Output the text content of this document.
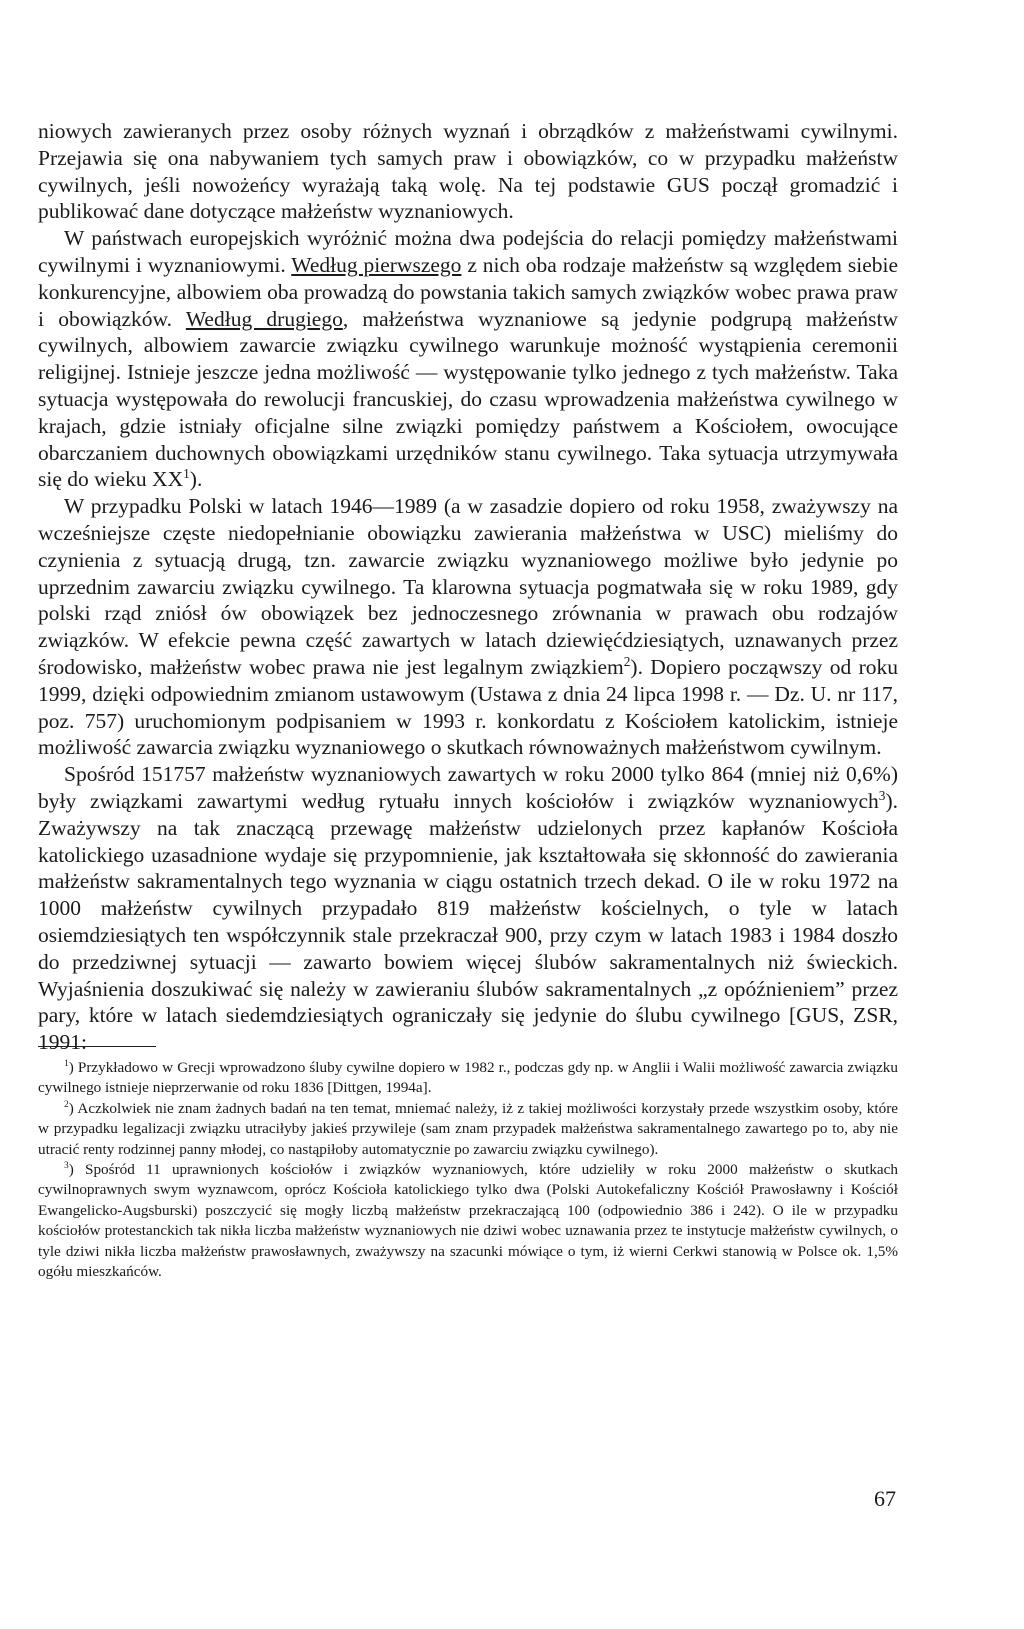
niowych zawieranych przez osoby różnych wyznań i obrządków z małżeństwami cywilnymi. Przejawia się ona nabywaniem tych samych praw i obowiązków, co w przypadku małżeństw cywilnych, jeśli nowożeńcy wyrażają taką wolę. Na tej podstawie GUS począł gromadzić i publikować dane dotyczące małżeństw wyznaniowych.

W państwach europejskich wyróżnić można dwa podejścia do relacji pomiędzy małżeństwami cywilnymi i wyznaniowymi. Według pierwszego z nich oba rodzaje małżeństw są względem siebie konkurencyjne, albowiem oba prowadzą do powstania takich samych związków wobec prawa praw i obowiązków. Według drugiego, małżeństwa wyznaniowe są jedynie podgrupą małżeństw cywilnych, albowiem zawarcie związku cywilnego warunkuje możność wystąpienia ceremonii religijnej. Istnieje jeszcze jedna możliwość — występowanie tylko jednego z tych małżeństw. Taka sytuacja występowała do rewolucji francuskiej, do czasu wprowadzenia małżeństwa cywilnego w krajach, gdzie istniały oficjalne silne związki pomiędzy państwem a Kościołem, owocujące obarczaniem duchownych obowiązkami urzędników stanu cywilnego. Taka sytuacja utrzymywała się do wieku $XX^1$).

W przypadku Polski w latach 1946—1989 (a w zasadzie dopiero od roku 1958, zważywszy na wcześniejsze częste niedopełnianie obowiązku zawierania małżeństwa w USC) mieliśmy do czynienia z sytuacją drugą, tzn. zawarcie związku wyznaniowego możliwe było jedynie po uprzednim zawarciu związku cywilnego. Ta klarowna sytuacja pogmatwała się w roku 1989, gdy polski rząd zniósł ów obowiązek bez jednoczesnego zrównania w prawach obu rodzajów związków. W efekcie pewna część zawartych w latach dziewięćdziesiątych, uznawanych przez środowisko, małżeństw wobec prawa nie jest legalnym związkiem$^2$). Dopiero począwszy od roku 1999, dzięki odpowiednim zmianom ustawowym (Ustawa z dnia 24 lipca 1998 r. — Dz. U. nr 117, poz. 757) uruchomionym podpisaniem w 1993 r. konkordatu z Kościołem katolickim, istnieje możliwość zawarcia związku wyznaniowego o skutkach równoważnych małżeństwom cywilnym.

Spośród 151757 małżeństw wyznaniowych zawartych w roku 2000 tylko 864 (mniej niż 0,6%) były związkami zawartymi według rytuału innych kościołów i związków wyznaniowych$^3$). Zważywszy na tak znaczącą przewagę małżeństw udzielonych przez kapłanów Kościoła katolickiego uzasadnione wydaje się przypomnienie, jak kształtowała się skłonność do zawierania małżeństw sakramentalnych tego wyznania w ciągu ostatnich trzech dekad. O ile w roku 1972 na 1000 małżeństw cywilnych przypadało 819 małżeństw kościelnych, o tyle w latach osiemdziesiątych ten współczynnik stale przekraczał 900, przy czym w latach 1983 i 1984 doszło do przedziwnej sytuacji — zawarto bowiem więcej ślubów sakramentalnych niż świeckich. Wyjaśnienia doszukiwać się należy w zawieraniu ślubów sakramentalnych „z opóźnieniem” przez pary, które w latach siedemdziesiątych ograniczały się jedynie do ślubu cywilnego [GUS, ZSR, 1991:

$^1$) Przykładowo w Grecji wprowadzono śluby cywilne dopiero w 1982 r., podczas gdy np. w Anglii i Walii możliwość zawarcia związku cywilnego istnieje nieprzerwanie od roku 1836 [Dittgen, 1994a].

$^2$) Aczkolwiek nie znam żadnych badań na ten temat, mniemać należy, iż z takiej możliwości korzystały przede wszystkim osoby, które w przypadku legalizacji związku utraciłyby jakieś przywileje (sam znam przypadek małżeństwa sakramentalnego zawartego po to, aby nie utracić renty rodzinnej panny młodej, co nastąpiłoby automatycznie po zawarciu związku cywilnego).

$^3$) Spośród 11 uprawnionych kościołów i związków wyznaniowych, które udzieliły w roku 2000 małżeństw o skutkach cywilnoprawnych swym wyznawcom, oprócz Kościoła katolickiego tylko dwa (Polski Autokefaliczny Kościół Prawosławny i Kościół Ewangelicko-Augsburski) poszczycić się mogły liczbą małżeństw przekraczającą 100 (odpowiednio 386 i 242). O ile w przypadku kościołów protestanckich tak nikła liczba małżeństw wyznaniowych nie dziwi wobec uznawania przez te instytucje małżeństw cywilnych, o tyle dziwi nikła liczba małżeństw prawosławnych, zważywszy na szacunki mówiące o tym, iż wierni Cerkwi stanowią w Polsce ok. 1,5% ogółu mieszkańców.

67
